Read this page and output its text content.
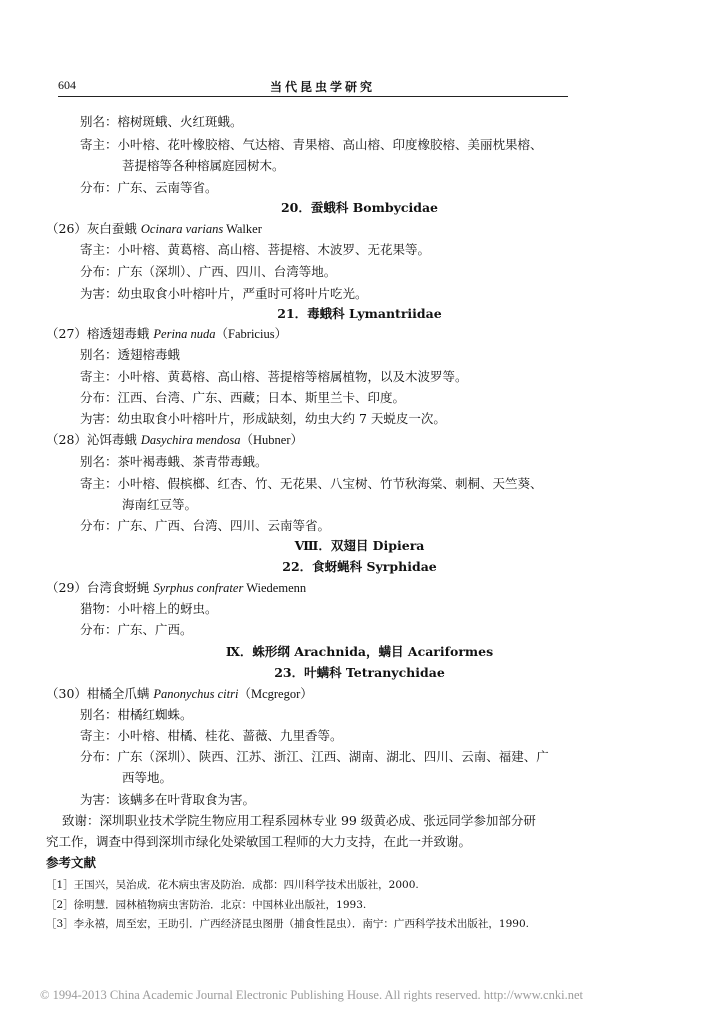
604	当代昆虫学研究
别名：榕树斑蛾、火红斑蛾。
寄主：小叶榕、花叶橡胶榕、气达榕、青果榕、高山榕、印度橡胶榕、美丽枕果榕、
菩提榕等各种榕属庭园树木。
分布：广东、云南等省。
20．蚕蛾科 Bombycidae
（26）灰白蚕蛾 Ocinara varians Walker
寄主：小叶榕、黄葛榕、高山榕、菩提榕、木波罗、无花果等。
分布：广东（深圳）、广西、四川、台湾等地。
为害：幼虫取食小叶榕叶片，严重时可将叶片吃光。
21．毒蛾科 Lymantriidae
（27）榕透翅毒蛾 Perina nuda（Fabricius）
别名：透翅榕毒蛾
寄主：小叶榕、黄葛榕、高山榕、菩提榕等榕属植物，以及木波罗等。
分布：江西、台湾、广东、西藏；日本、斯里兰卡、印度。
为害：幼虫取食小叶榕叶片，形成缺刻，幼虫大约 7 天蜕皮一次。
（28）沁饵毒蛾 Dasychira mendosa（Hubner）
别名：茶叶褐毒蛾、茶青带毒蛾。
寄主：小叶榕、假槟榔、红杏、竹、无花果、八宝树、竹节秋海棠、刺桐、天竺葵、
海南红豆等。
分布：广东、广西、台湾、四川、云南等省。
Ⅷ．双翅目 Dipiera
22．食蚜蝇科 Syrphidae
（29）台湾食蚜蝇 Syrphus confrater Wiedemenn
猎物：小叶榕上的蚜虫。
分布：广东、广西。
Ⅸ．蛛形纲 Arachnida，螨目 Acariformes
23．叶螨科 Tetranychidae
（30）柑橘全爪螨 Panonychus citri（Mcgregor）
别名：柑橘红蜘蛛。
寄主：小叶榕、柑橘、桂花、蔷薇、九里香等。
分布：广东（深圳）、陕西、江苏、浙江、江西、湖南、湖北、四川、云南、福建、广
西等地。
为害：该螨多在叶背取食为害。
致谢：深圳职业技术学院生物应用工程系园林专业 99 级黄必成、张远同学参加部分研
究工作，调查中得到深圳市绿化处梁敏国工程师的大力支持，在此一并致谢。
参考文献
［1］王国兴，吴治成．花木病虫害及防治．成都：四川科学技术出版社，2000.
［2］徐明慧．园林植物病虫害防治．北京：中国林业出版社，1993.
［3］李永禧，周至宏，王助引．广西经济昆虫图册（捕食性昆虫）．南宁：广西科学技术出版社，1990.
© 1994-2013 China Academic Journal Electronic Publishing House. All rights reserved. http://www.cnki.net
